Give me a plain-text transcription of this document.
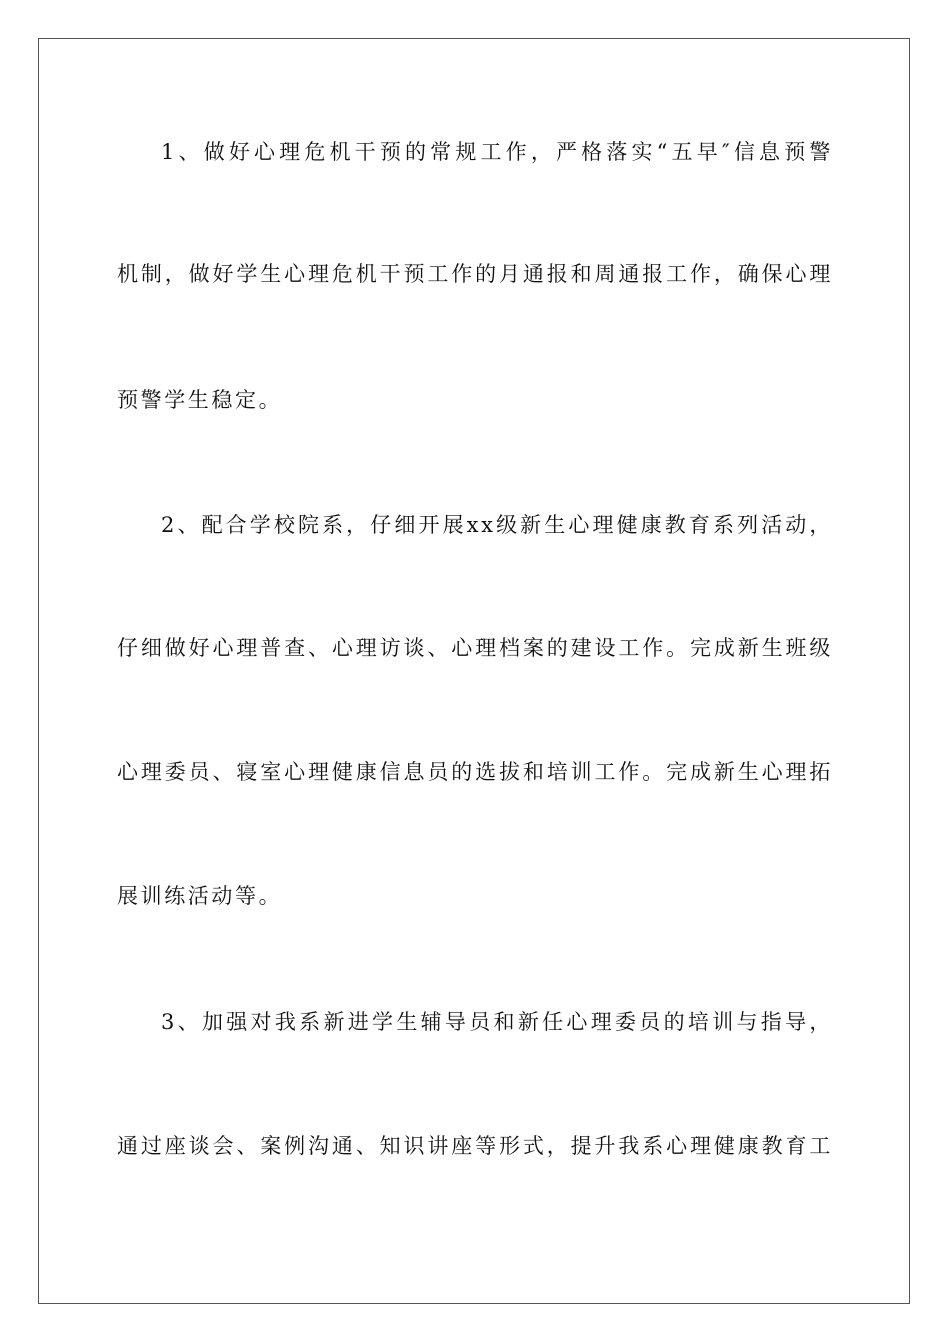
1、做好心理危机干预的常规工作，严格落实“五早″信息预警
机制，做好学生心理危机干预工作的月通报和周通报工作，确保心理
预警学生稳定。
2、配合学校院系，仔细开展xx级新生心理健康教育系列活动，
仔细做好心理普查、心理访谈、心理档案的建设工作。完成新生班级
心理委员、寝室心理健康信息员的选拔和培训工作。完成新生心理拓
展训练活动等。
3、加强对我系新进学生辅导员和新任心理委员的培训与指导，
通过座谈会、案例沟通、知识讲座等形式，提升我系心理健康教育工
